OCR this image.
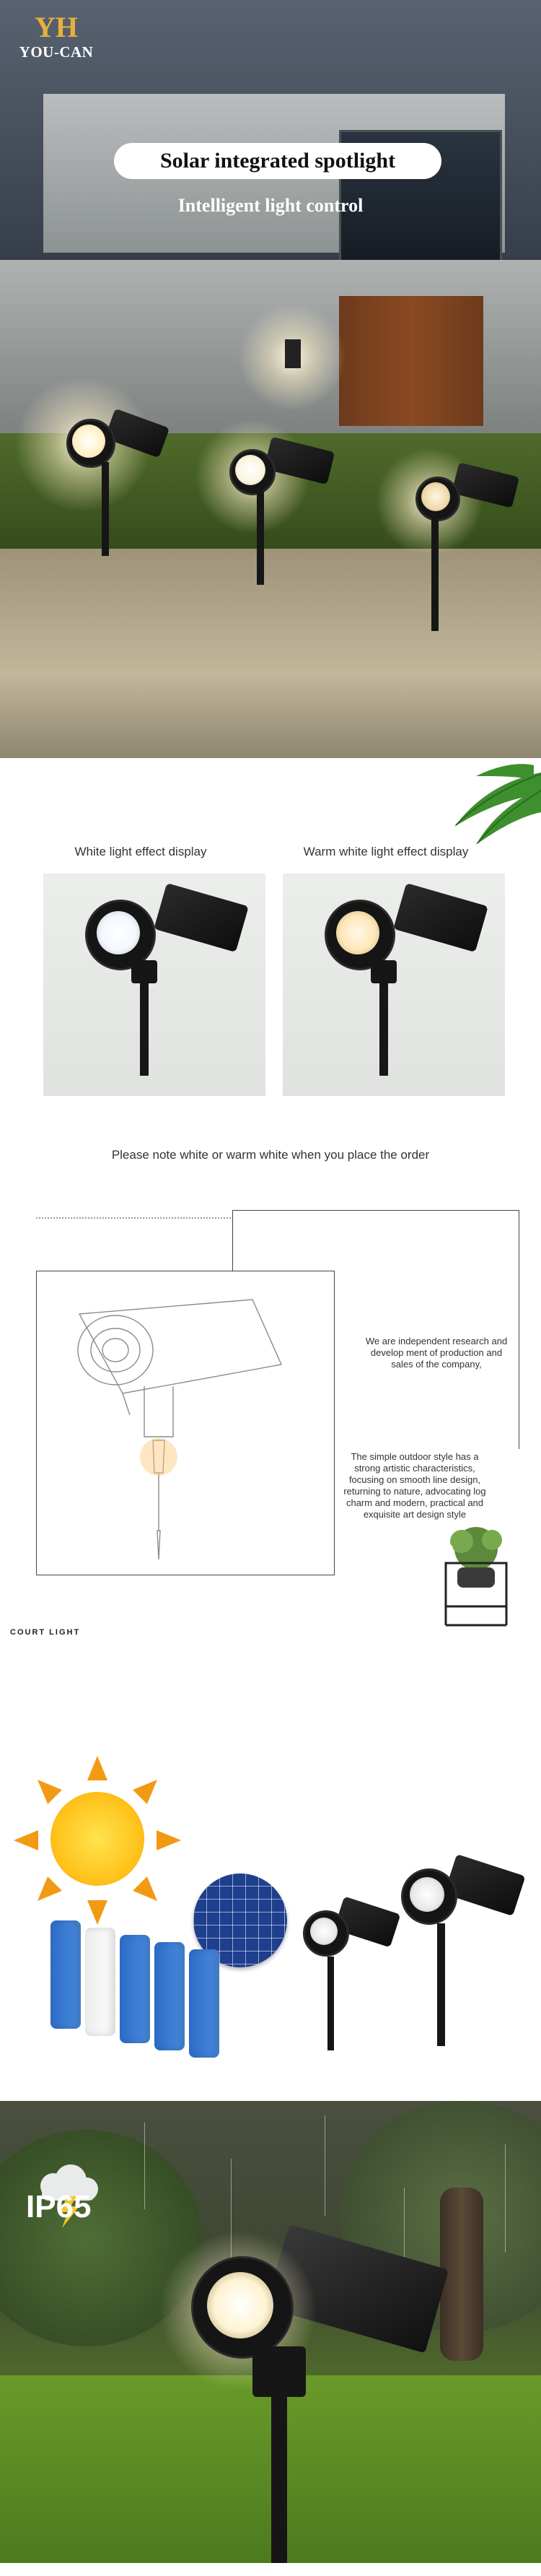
YH
YOU-CAN
Solar integrated spotlight
Intelligent light control
White light effect display	Warm white light effect display
Please note white or warm white when you place the order
We are independent research and develop ment of production and sales of the company,
The simple outdoor style has a strong artistic characteristics, focusing on smooth line design, returning to nature, advocating log charm and modern, practical and exquisite art design style
COURT LIGHT
IP65
